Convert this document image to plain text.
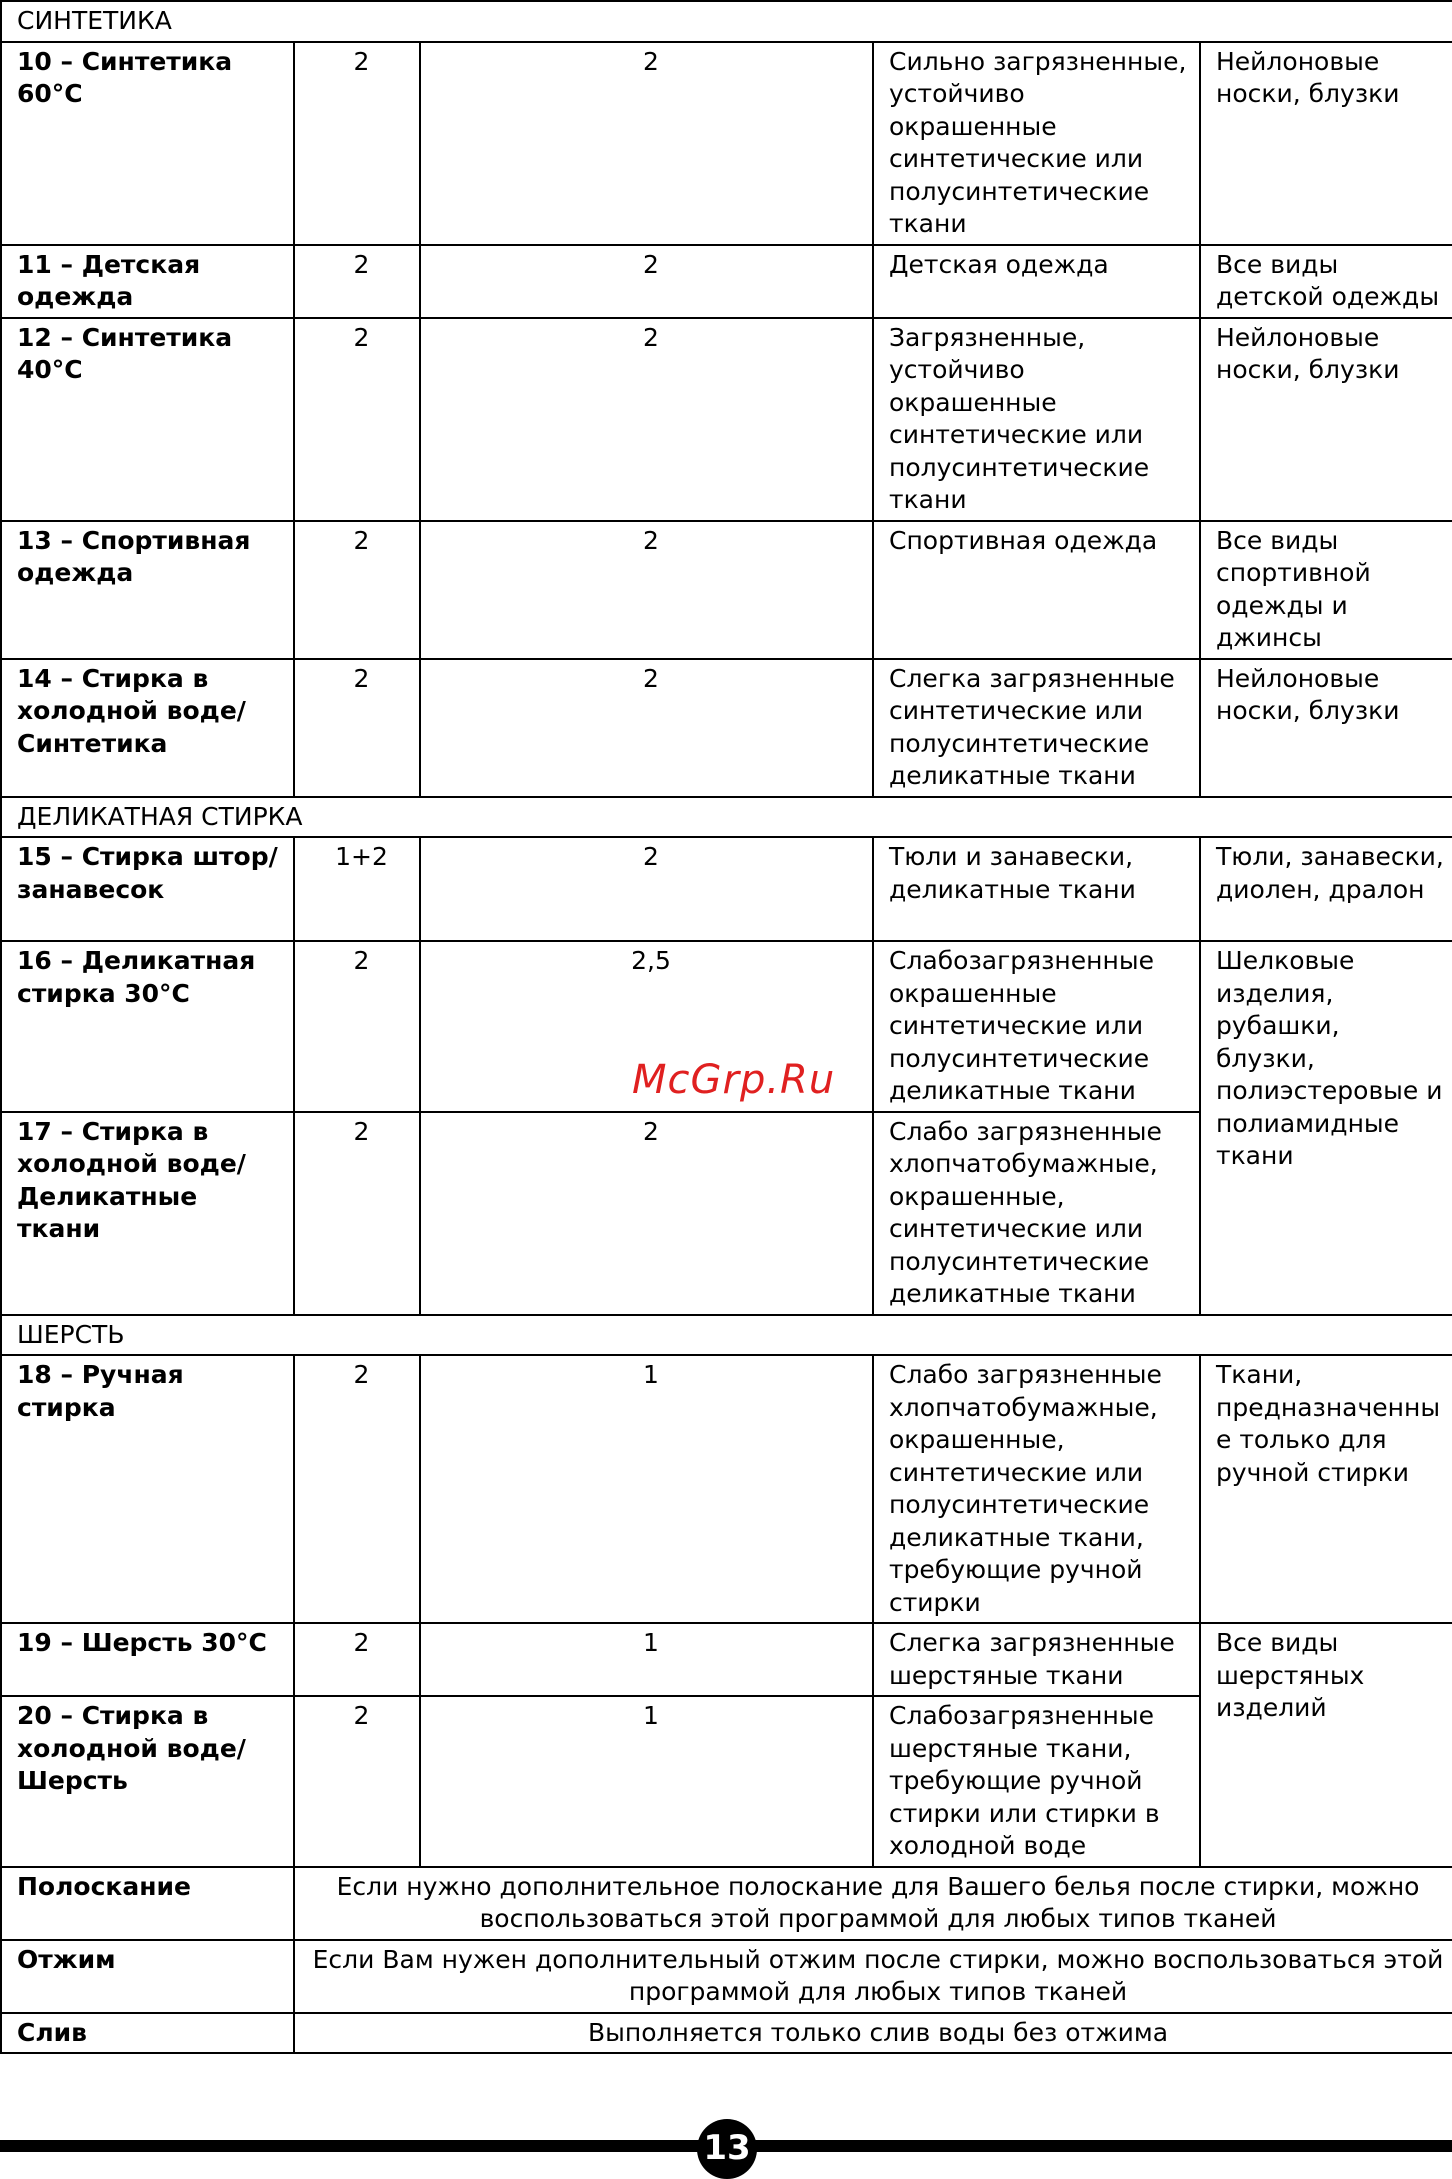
СИНТЕТИКА				
10 – Синтетика 60°C	2	2	Сильно загрязненные, устойчиво окрашенные синтетические или полусинтетические ткани	Нейлоновые носки, блузки
11 – Детская одежда	2	2	Детская одежда	Все виды детской одежды
12 – Синтетика 40°C	2	2	Загрязненные, устойчиво окрашенные синтетические или полусинтетические ткани	Нейлоновые носки, блузки
13 – Спортивная одежда	2	2	Спортивная одежда	Все виды спортивной одежды и джинсы
14 – Стирка в холодной воде/Синтетика	2	2	Слегка загрязненные синтетические или полусинтетические деликатные ткани	Нейлоновые носки, блузки
ДЕЛИКАТНАЯ СТИРКА				
15 – Стирка штор/занавесок	1+2	2	Тюли и занавески, деликатные ткани	Тюли, занавески, диолен, дралон
16 – Деликатная стирка 30°C	2	2,5	Слабозагрязненные окрашенные синтетические или полусинтетические деликатные ткани	Шелковые изделия, рубашки, блузки, полиэстеровые и полиамидные ткани
17 – Стирка в холодной воде/Деликатные ткани	2	2	Слабо загрязненные хлопчатобумажные, окрашенные, синтетические или полусинтетические деликатные ткани	
ШЕРСТЬ				
18 – Ручная стирка	2	1	Слабо загрязненные хлопчатобумажные, окрашенные, синтетические или полусинтетические деликатные ткани, требующие ручной стирки	Ткани, предназначенные только для ручной стирки
19 – Шерсть 30°C	2	1	Слегка загрязненные шерстяные ткани	Все виды шерстяных изделий
20 – Стирка в холодной воде/Шерсть	2	1	Слабозагрязненные шерстяные ткани, требующие ручной стирки или стирки в холодной воде	
Полоскание	Если нужно дополнительное полоскание для Вашего белья после стирки, можно воспользоваться этой программой для любых типов тканей			
Отжим	Если Вам нужен дополнительный отжим после стирки, можно воспользоваться этой программой для любых типов тканей			
Слив	Выполняется только слив воды без отжима			
McGrp.Ru
13
